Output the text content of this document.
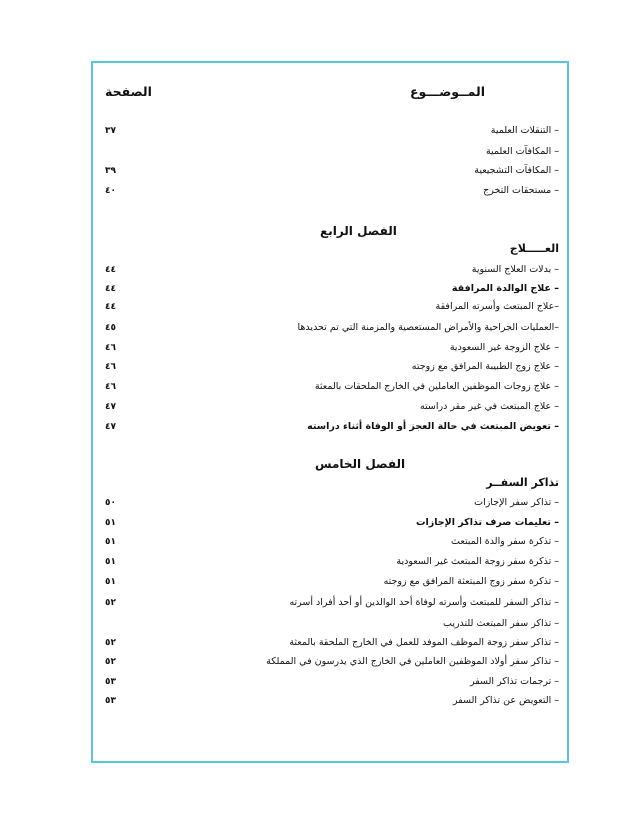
المــوضـــوع
الصفحة
– التنقلات العلمية
٣٧
– المكافآت العلمية
– المكافآت التشجيعية
٣٩
– مستحقات التخرج
٤٠
الفصل الرابع
العـــــلاج
– بدلات العلاج السنوية
٤٤
– علاج الوالدة المرافقة
٤٤
–علاج المبتعث وأسرته المرافقة
٤٤
–العمليات الجراحية والأمراض المستعصية والمزمنة التي تم تحديدها
٤٥
– علاج الزوجة غير السعودية
٤٦
– علاج زوج الطبيبة المرافق مع زوجته
٤٦
– علاج زوجات الموظفين العاملين في الخارج الملحقات بالمعثة
٤٦
– علاج المبتعث في غير مقر دراسته
٤٧
– تعويض المبتعث في حالة العجز أو الوفاة أثناء دراسته
٤٧
الفصل الخامس
تذاكر السفــر
– تذاكر سفر الإجازات
٥٠
– تعليمات صرف تذاكر الإجازات
٥١
– تذكرة سفر والدة المبتعث
٥١
– تذكرة سفر زوجة المبتعث غير السعودية
٥١
– تذكرة سفر زوج المبتعثة المرافق مع زوجته
٥١
– تذاكر السفر للمبتعث وأسرته لوفاة أحد الوالدين أو أحد أفراد أسرته
٥٢
– تذاكر سفر المبتعث للتدريب
– تذاكر سفر زوجة الموظف الموفد للعمل في الخارج الملحقة بالمعثة
٥٢
– تذاكر سفر أولاد الموظفين العاملين في الخارج الذي يدرسون في المملكة
٥٢
– ترجمات تذاكر السفر
٥٣
– التعويض عن تذاكر السفر
٥٣
